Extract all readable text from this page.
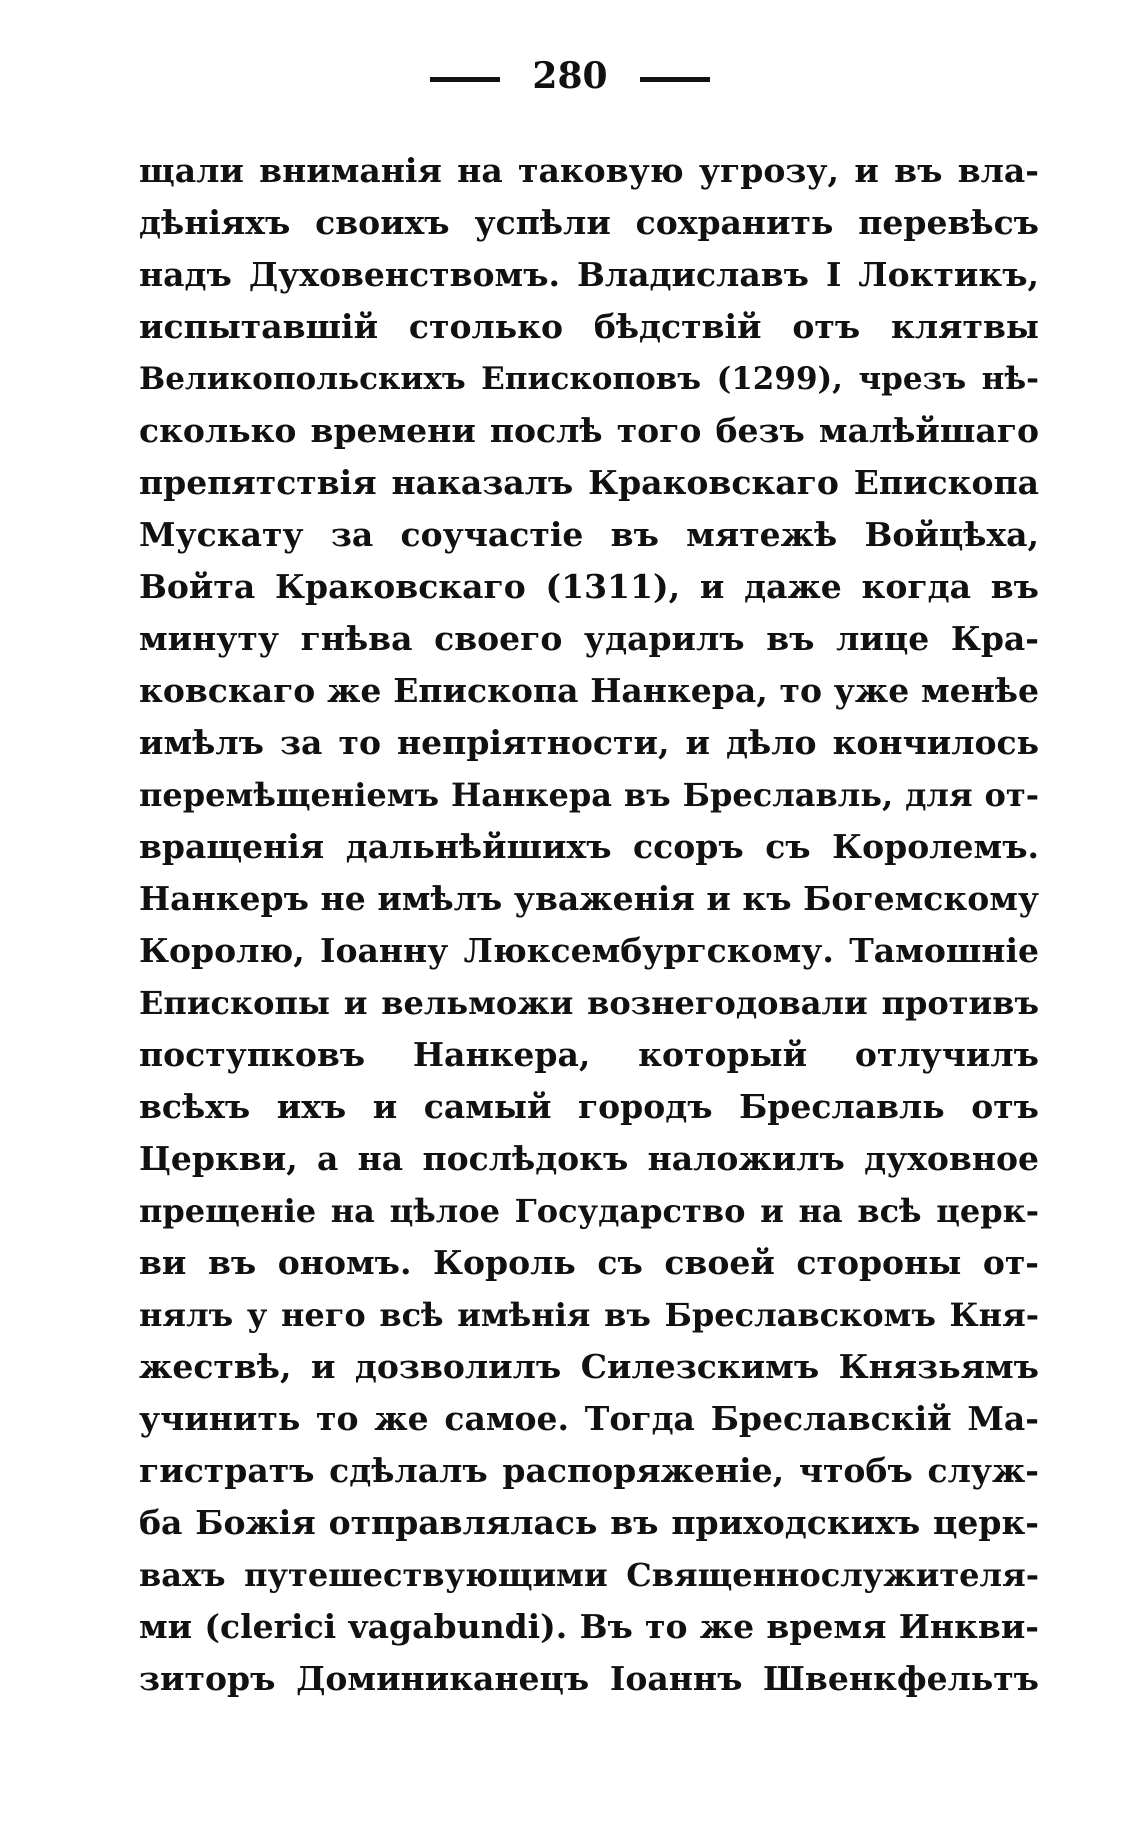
280
щали вниманія на таковую угрозу, и въ вла-
дѣніяхъ своихъ успѣли сохранить перевѣсъ
надъ Духовенствомъ. Владиславъ I Локтикъ,
испытавшій столько бѣдствій отъ клятвы
Великопольскихъ Епископовъ (1299), чрезъ нѣ-
сколько времени послѣ того безъ малѣйшаго
препятствія наказалъ Краковскаго Епископа
Мускату за соучастіе въ мятежѣ Войцѣха,
Войта Краковскаго (1311), и даже когда въ
минуту гнѣва своего ударилъ въ лице Кра-
ковскаго же Епископа Нанкера, то уже менѣе
имѣлъ за то непріятности, и дѣло кончилось
перемѣщеніемъ Нанкера въ Бреславль, для от-
вращенія дальнѣйшихъ ссоръ съ Королемъ.
Нанкеръ не имѣлъ уваженія и къ Богемскому
Королю, Іоанну Люксембургскому. Тамошніе
Епископы и вельможи вознегодовали противъ
поступковъ Нанкера, который отлучилъ
всѣхъ ихъ и самый городъ Бреславль отъ
Церкви, а на послѣдокъ наложилъ духовное
прещеніе на цѣлое Государство и на всѣ церк-
ви въ ономъ. Король съ своей стороны от-
нялъ у него всѣ имѣнія въ Бреславскомъ Кня-
жествѣ, и дозволилъ Силезскимъ Князьямъ
учинить то же самое. Тогда Бреславскій Ма-
гистратъ сдѣлалъ распоряженіе, чтобъ служ-
ба Божія отправлялась въ приходскихъ церк-
вахъ путешествующими Священнослужителя-
ми (clerici vagabundi). Въ то же время Инкви-
зиторъ Доминиканецъ Іоаннъ Швенкфельтъ
